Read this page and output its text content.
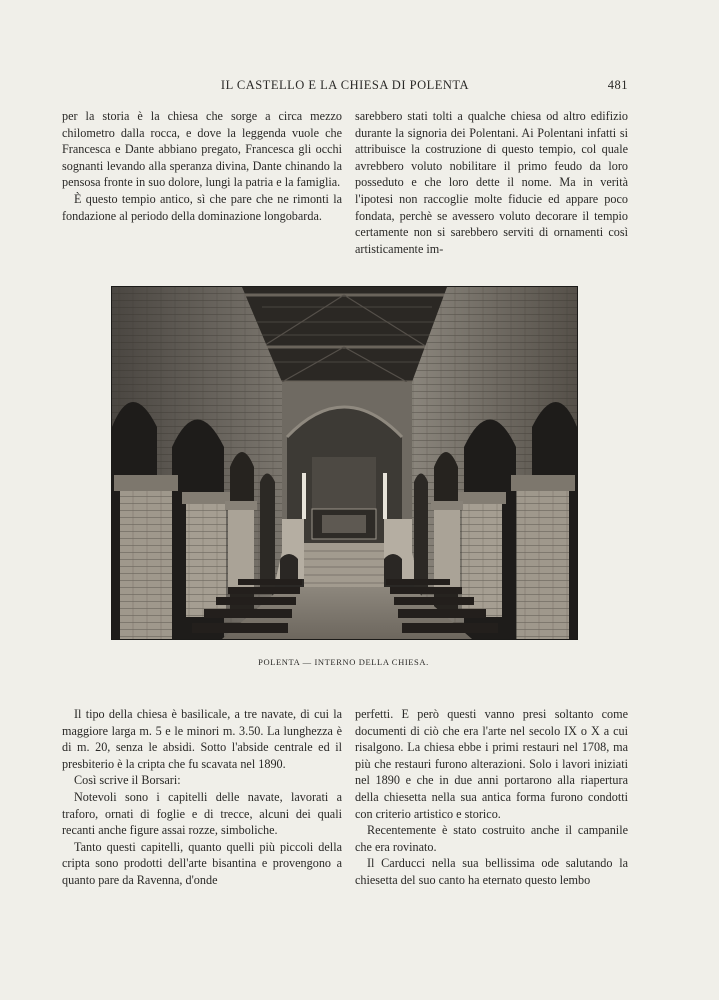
IL CASTELLO E LA CHIESA DI POLENTA	481

per la storia è la chiesa che sorge a circa mezzo chilometro dalla rocca, e dove la leggenda vuole che Francesca e Dante abbiano pregato, Francesca gli occhi sognanti levando alla speranza divina, Dante chinando la pensosa fronte in suo dolore, lungi la patria e la famiglia.

È questo tempio antico, sì che pare che ne rimonti la fondazione al periodo della dominazione longobarda.

sarebbero stati tolti a qualche chiesa od altro edifizio durante la signoria dei Polentani. Ai Polentani infatti si attribuisce la costruzione di questo tempio, col quale avrebbero voluto nobilitare il primo feudo da loro posseduto e che loro dette il nome. Ma in verità l'ipotesi non raccoglie molte fiducie ed appare poco fondata, perchè se avessero voluto decorare il tempio certamente non si sarebbero serviti di ornamenti così artisticamente im-

POLENTA — INTERNO DELLA CHIESA.

Il tipo della chiesa è basilicale, a tre navate, di cui la maggiore larga m. 5 e le minori m. 3.50. La lunghezza è di m. 20, senza le absidi. Sotto l'abside centrale ed il presbiterio è la cripta che fu scavata nel 1890.

Così scrive il Borsari:

Notevoli sono i capitelli delle navate, lavorati a traforo, ornati di foglie e di trecce, alcuni dei quali recanti anche figure assai rozze, simboliche.

Tanto questi capitelli, quanto quelli più piccoli della cripta sono prodotti dell'arte bisantina e provengono a quanto pare da Ravenna, d'onde

perfetti. E però questi vanno presi soltanto come documenti di ciò che era l'arte nel secolo IX o X a cui risalgono. La chiesa ebbe i primi restauri nel 1708, ma più che restauri furono alterazioni. Solo i lavori iniziati nel 1890 e che in due anni portarono alla riapertura della chiesetta nella sua antica forma furono condotti con criterio artistico e storico.

Recentemente è stato costruito anche il campanile che era rovinato.

Il Carducci nella sua bellissima ode salutando la chiesetta del suo canto ha eternato questo lembo
